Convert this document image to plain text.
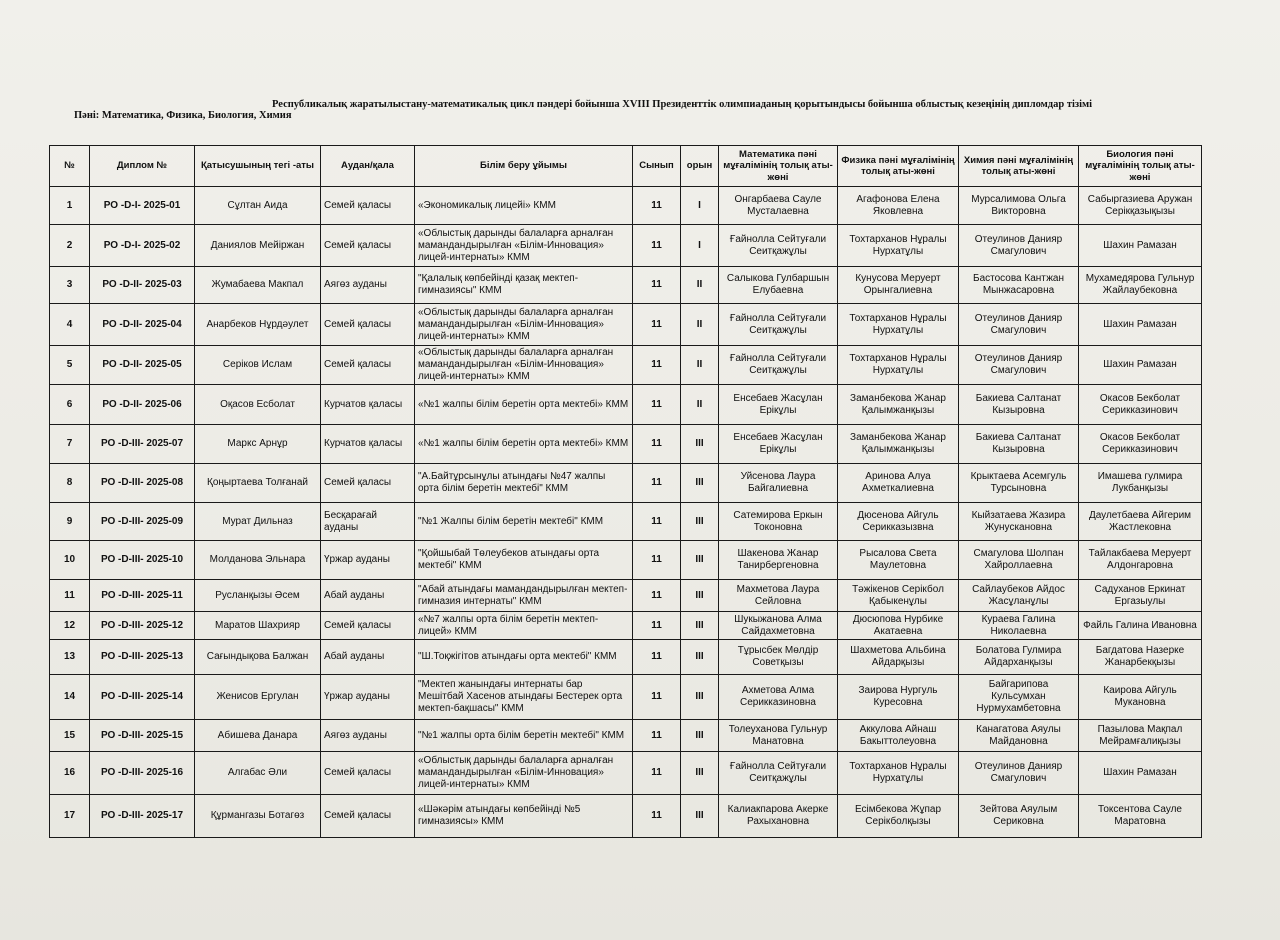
Республикалық жаратылыстану-математикалық цикл пәндері бойынша XVIII Президенттік олимпиаданың қорытындысы бойынша облыстық кезеңінің дипломдар тізімі
Пәні: Математика, Физика, Биология, Химия
№	Диплом №	Қатысушының тегі -аты	Аудан/қала	Білім беру ұйымы	Сынып	орын	Математика пәні мұғалімінің толық аты-жөні	Физика пәні мұғалімінің толық аты-жөні	Химия пәні мұғалімінің толық аты-жөні	Биология пәні мұғалімінің толық аты-жөні
1	РО -D-I- 2025-01	Сұлтан Аида	Семей қаласы	«Экономикалық лицейі» КММ	11	I	Онгарбаева Сауле Мусталаевна	Агафонова Елена Яковлевна	Мурсалимова Ольга Викторовна	Сабыргазиева Аружан Серікқазықызы
2	РО -D-I- 2025-02	Даниялов Мейіржан	Семей қаласы	«Облыстық дарынды балаларға арналған мамандандырылған «Білім-Инновация» лицей-интернаты» КММ	11	I	Ғайнолла Сейтуғали Сеитқажұлы	Тохтарханов Нұралы Нурхатұлы	Отеулинов Данияр Смагулович	Шахин Рамазан
3	РО -D-II- 2025-03	Жумабаева Макпал	Аягөз ауданы	"Қалалық көпбейінді қазақ мектеп-гимназиясы" КММ	11	II	Салыкова Гулбаршын Елубаевна	Кунусова Меруерт Орынгалиевна	Бастосова Кантжан Мынжасаровна	Мухамедярова Гульнур Жайлаубековна
4	РО -D-II- 2025-04	Анарбеков Нұрдәулет	Семей қаласы	«Облыстық дарынды балаларға арналған мамандандырылған «Білім-Инновация» лицей-интернаты» КММ	11	II	Ғайнолла Сейтуғали Сеитқажұлы	Тохтарханов Нұралы Нурхатұлы	Отеулинов Данияр Смагулович	Шахин Рамазан
5	РО -D-II- 2025-05	Серіков Ислам	Семей қаласы	«Облыстық дарынды балаларға арналған мамандандырылған «Білім-Инновация» лицей-интернаты» КММ	11	II	Ғайнолла Сейтуғали Сеитқажұлы	Тохтарханов Нұралы Нурхатұлы	Отеулинов Данияр Смагулович	Шахин Рамазан
6	РО -D-II- 2025-06	Оқасов Есболат	Курчатов қаласы	«№1 жалпы білім беретін орта мектебі» КММ	11	II	Енсебаев Жасұлан Ерікұлы	Заманбекова Жанар Қалымжанқызы	Бакиева Салтанат Кызыровна	Окасов Бекболат Серикказинович
7	РО -D-III- 2025-07	Маркс Арнұр	Курчатов қаласы	«№1 жалпы білім беретін орта мектебі» КММ	11	III	Енсебаев Жасұлан Ерікұлы	Заманбекова Жанар Қалымжанқызы	Бакиева Салтанат Кызыровна	Окасов Бекболат Серикказинович
8	РО -D-III- 2025-08	Қоңыртаева Толғанай	Семей қаласы	"А.Байтұрсынұлы атындағы №47 жалпы орта білім беретін мектебі" КММ	11	III	Уйсенова Лаура Байгалиевна	Аринова Алуа Ахметкалиевна	Крыктаева Асемгуль Турсыновна	Имашева гулмира Лукбанқызы
9	РО -D-III- 2025-09	Мурат Дильназ	Бесқарағай ауданы	"№1 Жалпы білім беретін мектебі" КММ	11	III	Сатемирова Еркын Токоновна	Дюсенова Айгуль Серикказызвна	Кыйзатаева Жазира Жунускановна	Даулетбаева Айгерим Жастлековна
10	РО -D-III- 2025-10	Молданова Эльнара	Үржар ауданы	"Қойшыбай Төлеубеков атындағы орта мектебі" КММ	11	III	Шакенова Жанар Танирбергеновна	Рысалова Света Маулетовна	Смагулова Шолпан Хайроллаевна	Тайлакбаева Меруерт Алдонгаровна
11	РО -D-III- 2025-11	Русланқызы Әсем	Абай ауданы	"Абай атындағы мамандандырылған мектеп-гимназия интернаты" КММ	11	III	Махметова Лаура Сейловна	Тәжікенов Серікбол Қабыкенұлы	Сайлаубеков Айдос Жасұланұлы	Садуханов Еркинат Ергазыулы
12	РО -D-III- 2025-12	Маратов Шахрияр	Семей қаласы	«№7 жалпы орта білім беретін мектеп-лицей» КММ	11	III	Шукыжанова Алма Сайдахметовна	Дюсюпова Нурбике Акатаевна	Кураева Галина Николаевна	Файль Галина Ивановна
13	РО -D-III- 2025-13	Сағындықова Балжан	Абай ауданы	"Ш.Тоқжігітов атындағы орта мектебі" КММ	11	III	Тұрысбек Мөлдір Советқызы	Шахметова Альбина Айдарқызы	Болатова Гулмира Айдарханқызы	Багдатова Назерке Жанарбекқызы
14	РО -D-III- 2025-14	Женисов Ергулан	Үржар ауданы	"Мектеп жанындағы интернаты бар Мешітбай Хасенов атындағы Бестерек орта мектеп-бақшасы" КММ	11	III	Ахметова Алма Серикказиновна	Заирова Нургуль Куресовна	Байгарипова Кульсумхан Нурмухамбетовна	Каирова Айгуль Мукановна
15	РО -D-III- 2025-15	Абишева Данара	Аягөз ауданы	"№1 жалпы орта білім беретін мектебі" КММ	11	III	Толеуханова Гульнур Манатовна	Аккулова Айнаш Бакыттолеуовна	Канагатова Аяулы Майдановна	Пазылова Мақпал Мейрамғалиқызы
16	РО -D-III- 2025-16	Алгабас Әли	Семей қаласы	«Облыстық дарынды балаларға арналған мамандандырылған «Білім-Инновация» лицей-интернаты» КММ	11	III	Ғайнолла Сейтуғали Сеитқажұлы	Тохтарханов Нұралы Нурхатұлы	Отеулинов Данияр Смагулович	Шахин Рамазан
17	РО -D-III- 2025-17	Құрмангазы Ботагөз	Семей қаласы	«Шәкәрім атындағы көпбейінді №5 гимназиясы» КММ	11	III	Калиакпарова Акерке Рахыхановна	Есімбекова Жұпар Серікболқызы	Зейтова Аяулым Сериковна	Токсентова Сауле Маратовна
